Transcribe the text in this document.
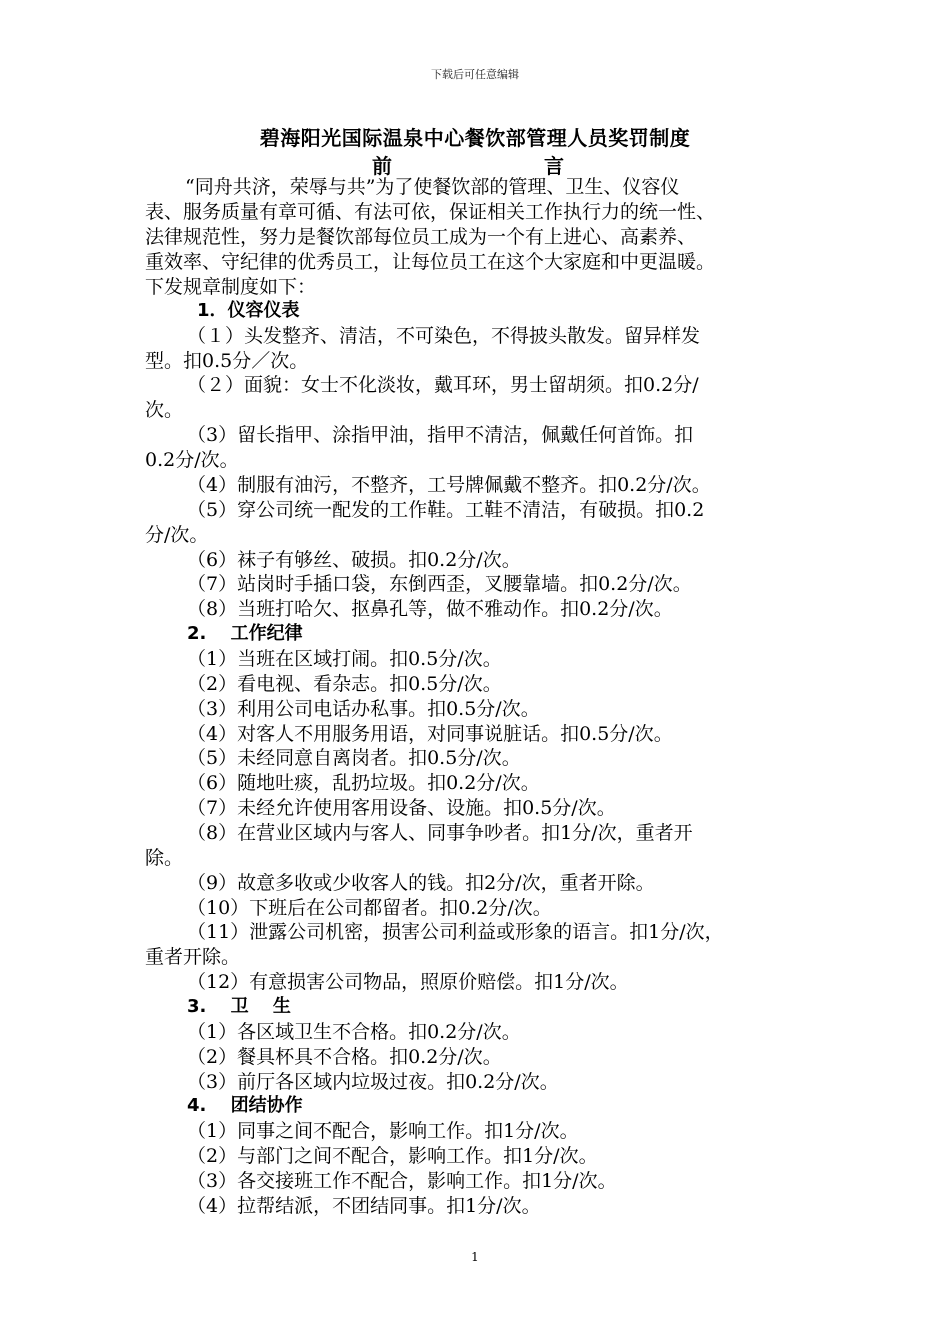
下载后可任意编辑
碧海阳光国际温泉中心餐饮部管理人员奖罚制度
前	言
“同舟共济，荣辱与共”为了使餐饮部的管理、卫生、仪容仪
表、服务质量有章可循、有法可依，保证相关工作执行力的统一性、
法律规范性，努力是餐饮部每位员工成为一个有上进心、高素养、
重效率、守纪律的优秀员工，让每位员工在这个大家庭和中更温暖。
下发规章制度如下：
1．仪容仪表
（１）头发整齐、清洁，不可染色，不得披头散发。留异样发
型。扣0.5分／次。
（２）面貌：女士不化淡妆，戴耳环，男士留胡须。扣0.2分/
次。
（3）留长指甲、涂指甲油，指甲不清洁，佩戴任何首饰。扣
0.2分/次。
（4）制服有油污，不整齐，工号牌佩戴不整齐。扣0.2分/次。
（5）穿公司统一配发的工作鞋。工鞋不清洁，有破损。扣0.2
分/次。
（6）袜子有够丝、破损。扣0.2分/次。
（7）站岗时手插口袋，东倒西歪，叉腰靠墙。扣0.2分/次。
（8）当班打哈欠、抠鼻孔等，做不雅动作。扣0.2分/次。
2.　 工作纪律
（1）当班在区域打闹。扣0.5分/次。
（2）看电视、看杂志。扣0.5分/次。
（3）利用公司电话办私事。扣0.5分/次。
（4）对客人不用服务用语，对同事说脏话。扣0.5分/次。
（5）未经同意自离岗者。扣0.5分/次。
（6）随地吐痰，乱扔垃圾。扣0.2分/次。
（7）未经允许使用客用设备、设施。扣0.5分/次。
（8）在营业区域内与客人、同事争吵者。扣1分/次，重者开
除。
（9）故意多收或少收客人的钱。扣2分/次，重者开除。
（10）下班后在公司都留者。扣0.2分/次。
（11）泄露公司机密，损害公司利益或形象的语言。扣1分/次，
重者开除。
（12）有意损害公司物品，照原价赔偿。扣1分/次。
3.　 卫　 生
（1）各区域卫生不合格。扣0.2分/次。
（2）餐具杯具不合格。扣0.2分/次。
（3）前厅各区域内垃圾过夜。扣0.2分/次。
4.　 团结协作
（1）同事之间不配合，影响工作。扣1分/次。
（2）与部门之间不配合，影响工作。扣1分/次。
（3）各交接班工作不配合，影响工作。扣1分/次。
（4）拉帮结派，不团结同事。扣1分/次。
1
